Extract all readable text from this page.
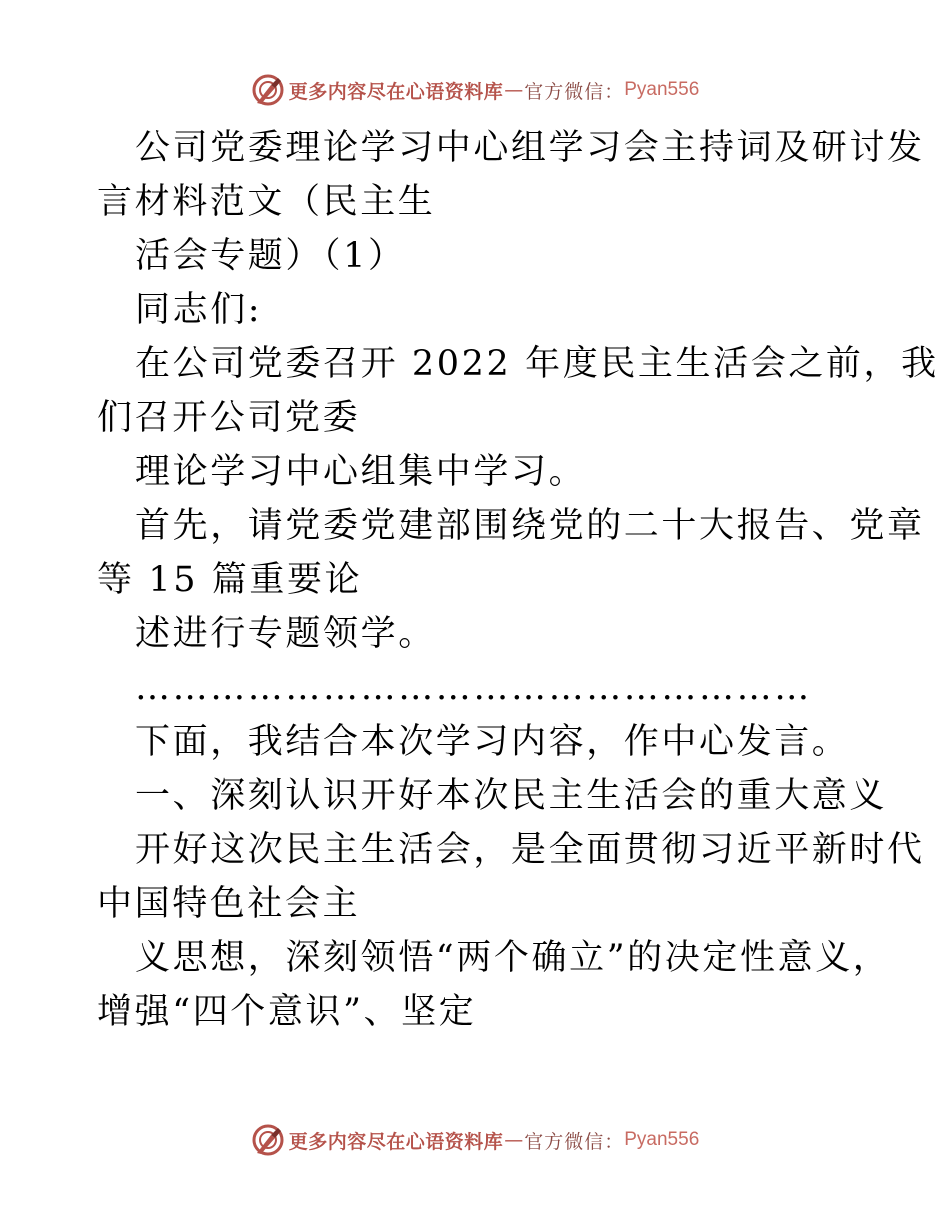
更多内容尽在心语资料库 — 官方微信： Pyan556
公司党委理论学习中心组学习会主持词及研讨发
言材料范文（民主生
活会专题）（1）
同志们:
在公司党委召开 2022 年度民主生活会之前，我
们召开公司党委
理论学习中心组集中学习。
首先，请党委党建部围绕党的二十大报告、党章
等 15 篇重要论
述进行专题领学。
………………………………………………
下面，我结合本次学习内容，作中心发言。
一、深刻认识开好本次民主生活会的重大意义
开好这次民主生活会，是全面贯彻习近平新时代
中国特色社会主
义思想，深刻领悟“两个确立”的决定性意义，
增强“四个意识”、坚定
更多内容尽在心语资料库 — 官方微信： Pyan556
